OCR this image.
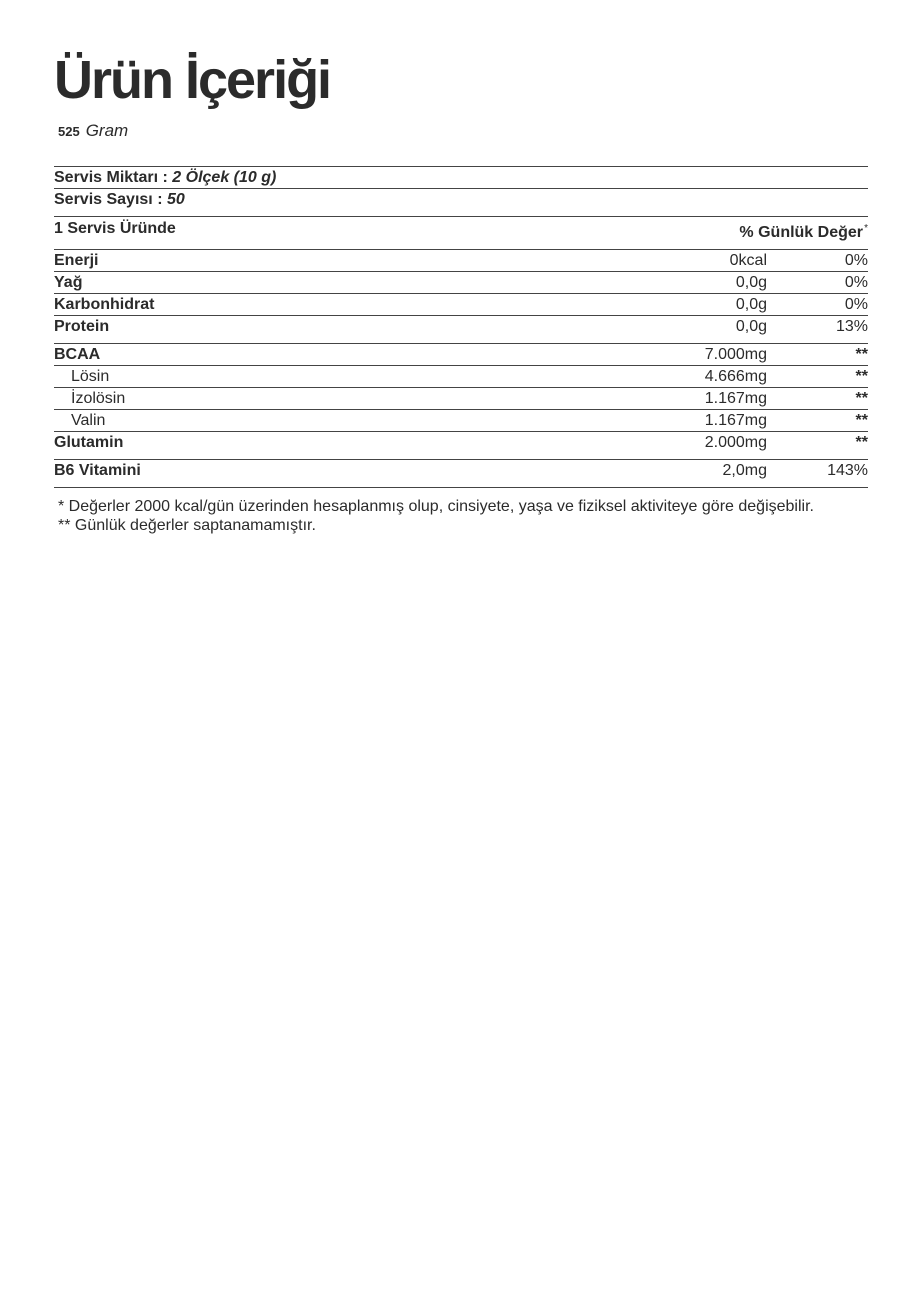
Ürün İçeriği
525 Gram
Servis Miktarı : 2 Ölçek (10 g)
Servis Sayısı : 50
1 Servis Üründe	% Günlük Değer *
Enerji	0kcal	0%
Yağ	0,0g	0%
Karbonhidrat	0,0g	0%
Protein	0,0g	13%
BCAA	7.000mg	**
Lösin	4.666mg	**
İzolösin	1.167mg	**
Valin	1.167mg	**
Glutamin	2.000mg	**
B6 Vitamini	2,0mg	143%
* Değerler 2000 kcal/gün üzerinden hesaplanmış olup, cinsiyete, yaşa ve fiziksel aktiviteye göre değişebilir.
** Günlük değerler saptanamamıştır.
